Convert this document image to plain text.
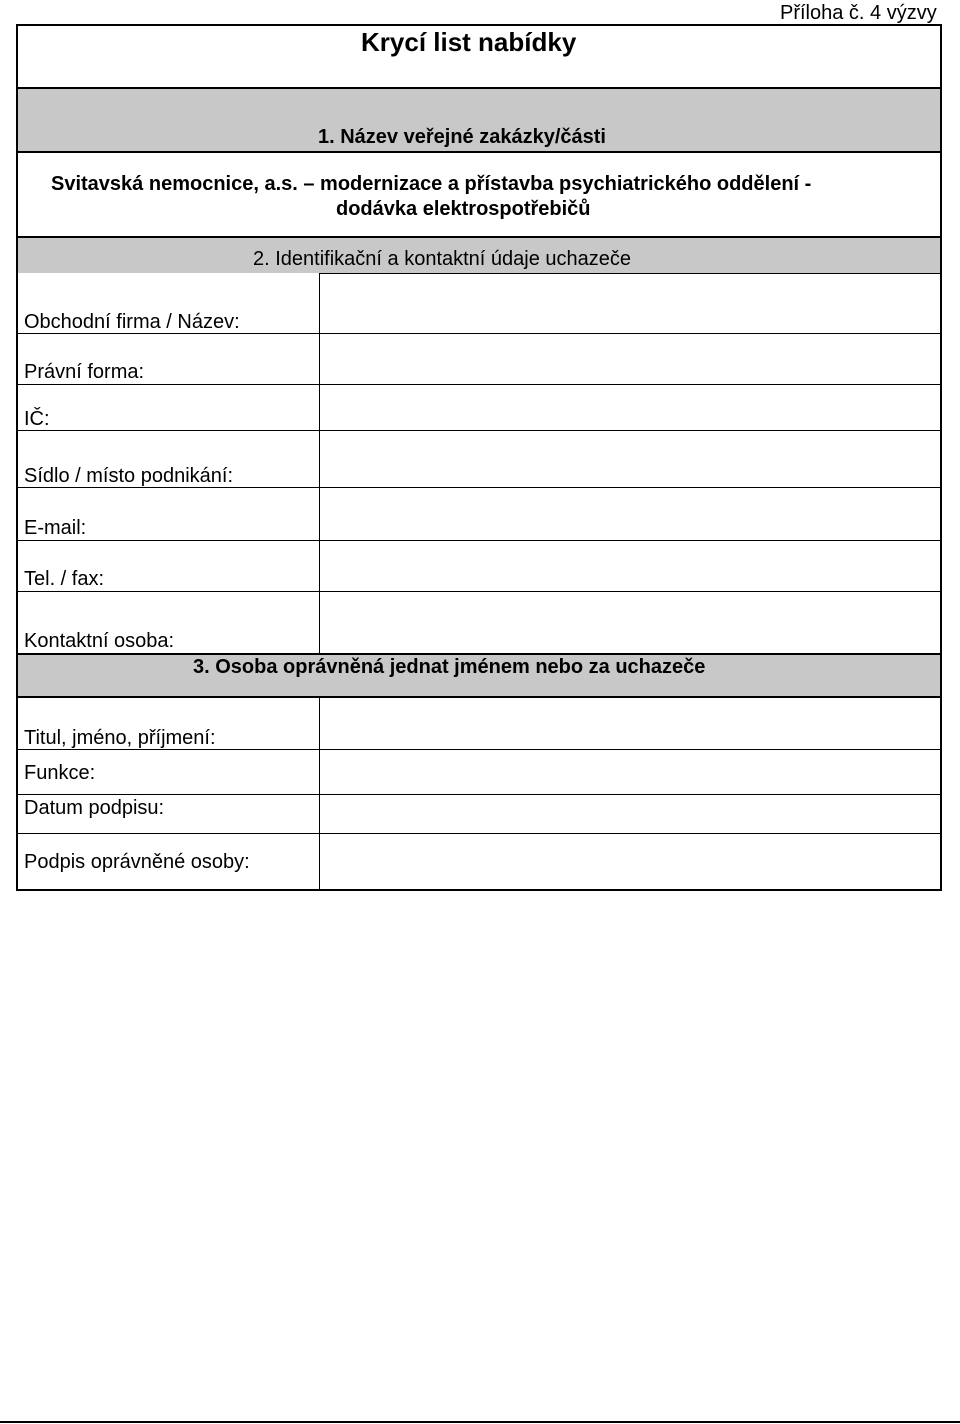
Příloha č. 4 výzvy
Krycí list nabídky
1. Název veřejné zakázky/části
Svitavská nemocnice, a.s. – modernizace a přístavba psychiatrického oddělení -
dodávka elektrospotřebičů
2. Identifikační a kontaktní údaje uchazeče
Obchodní firma / Název:
Právní forma:
IČ:
Sídlo / místo podnikání:
E-mail:
Tel. / fax:
Kontaktní osoba:
3. Osoba oprávněná jednat jménem nebo za uchazeče
Titul, jméno, příjmení:
Funkce:
Datum podpisu:
Podpis oprávněné osoby:
